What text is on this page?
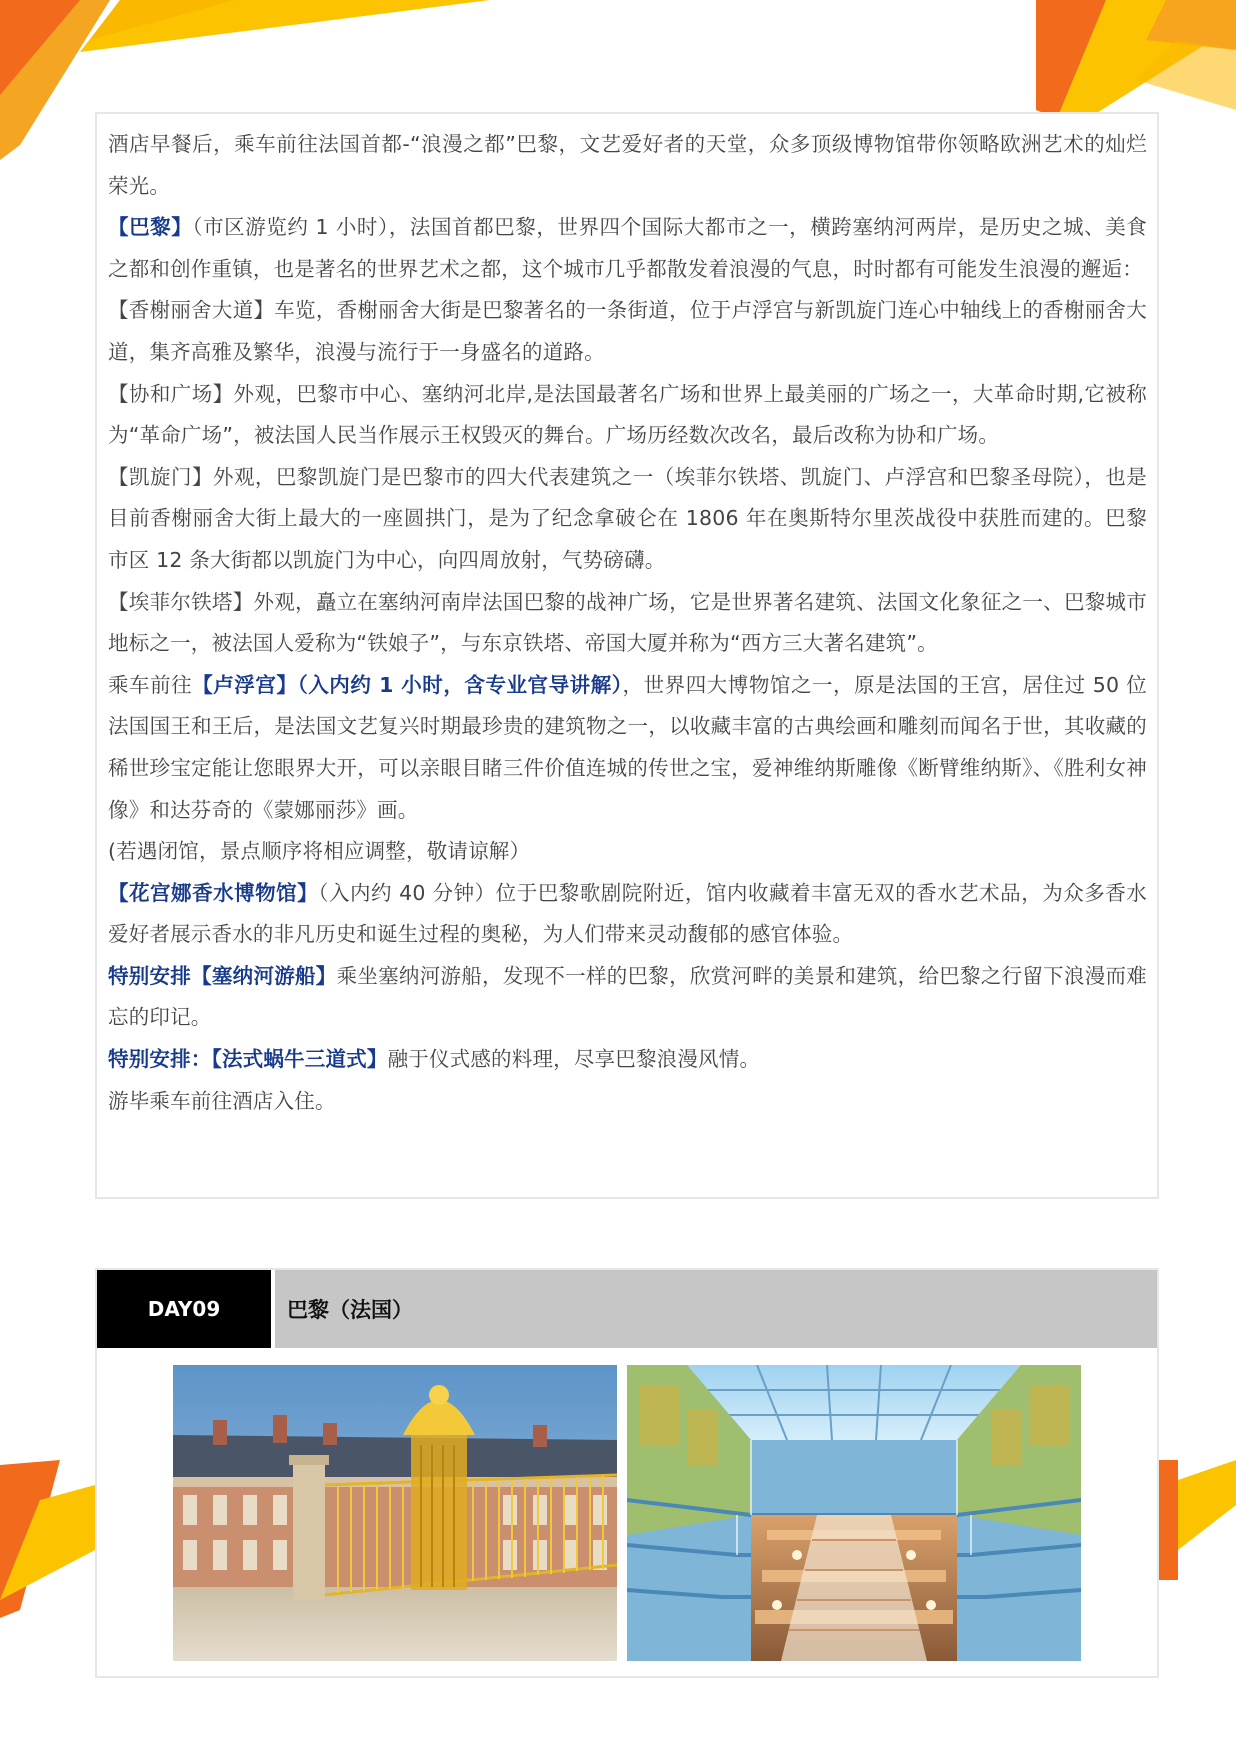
酒店早餐后，乘车前往法国首都-“浪漫之都”巴黎，文艺爱好者的天堂，众多顶级博物馆带你领略欧洲艺术的灿烂荣光。

【巴黎】（市区游览约 1 小时），法国首都巴黎，世界四个国际大都市之一，横跨塞纳河两岸，是历史之城、美食之都和创作重镇，也是著名的世界艺术之都，这个城市几乎都散发着浪漫的气息，时时都有可能发生浪漫的邂逅：

【香榭丽舍大道】车览，香榭丽舍大街是巴黎著名的一条街道，位于卢浮宫与新凯旋门连心中轴线上的香榭丽舍大道，集齐高雅及繁华，浪漫与流行于一身盛名的道路。

【协和广场】外观，巴黎市中心、塞纳河北岸,是法国最著名广场和世界上最美丽的广场之一，大革命时期,它被称为“革命广场”，被法国人民当作展示王权毁灭的舞台。广场历经数次改名，最后改称为协和广场。

【凯旋门】外观，巴黎凯旋门是巴黎市的四大代表建筑之一（埃菲尔铁塔、凯旋门、卢浮宫和巴黎圣母院），也是目前香榭丽舍大街上最大的一座圆拱门，是为了纪念拿破仑在 1806 年在奥斯特尔里茨战役中获胜而建的。巴黎市区 12 条大街都以凯旋门为中心，向四周放射，气势磅礴。

【埃菲尔铁塔】外观，矗立在塞纳河南岸法国巴黎的战神广场，它是世界著名建筑、法国文化象征之一、巴黎城市地标之一，被法国人爱称为“铁娘子”，与东京铁塔、帝国大厦并称为“西方三大著名建筑”。

乘车前往【卢浮宫】（入内约 1 小时，含专业官导讲解），世界四大博物馆之一，原是法国的王宫，居住过 50 位法国国王和王后，是法国文艺复兴时期最珍贵的建筑物之一，以收藏丰富的古典绘画和雕刻而闻名于世，其收藏的稀世珍宝定能让您眼界大开，可以亲眼目睹三件价值连城的传世之宝，爱神维纳斯雕像《断臂维纳斯》、《胜利女神像》和达芬奇的《蒙娜丽莎》画。

(若遇闭馆，景点顺序将相应调整，敬请谅解）

【花宫娜香水博物馆】（入内约 40 分钟）位于巴黎歌剧院附近，馆内收藏着丰富无双的香水艺术品，为众多香水爱好者展示香水的非凡历史和诞生过程的奥秘，为人们带来灵动馥郁的感官体验。

特别安排【塞纳河游船】乘坐塞纳河游船，发现不一样的巴黎，欣赏河畔的美景和建筑，给巴黎之行留下浪漫而难忘的印记。

特别安排：【法式蜗牛三道式】融于仪式感的料理，尽享巴黎浪漫风情。

游毕乘车前往酒店入住。

DAY09	巴黎（法国）
